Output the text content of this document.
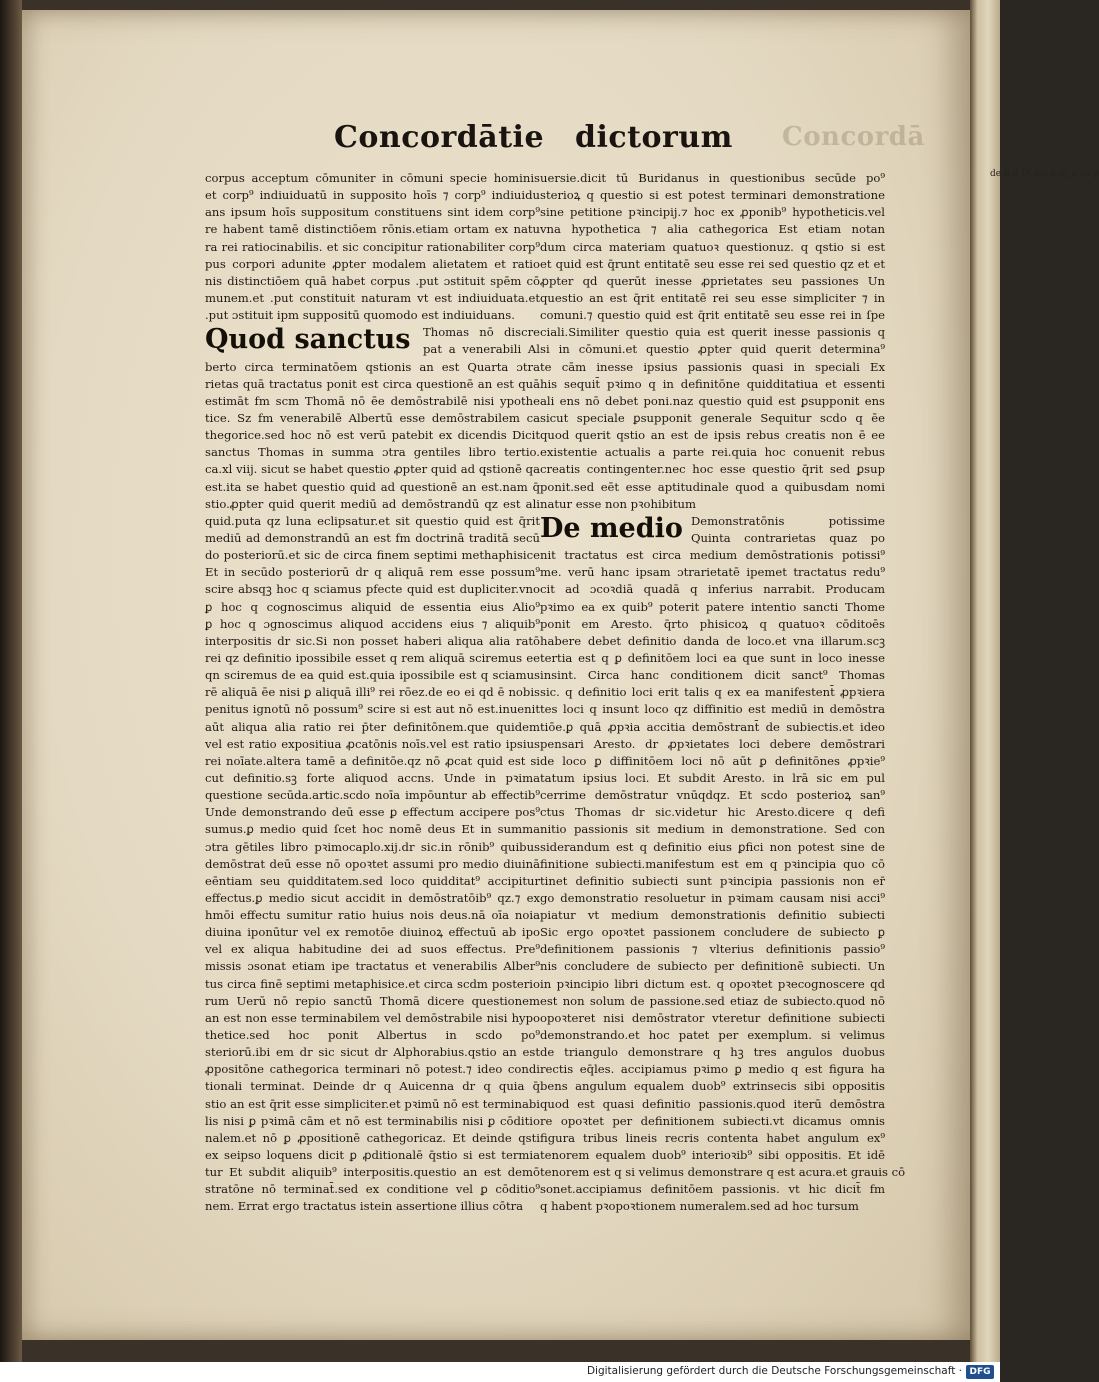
Concordātie dictorum Concordā
corpus acceptum cōmuniter in cōmuni specie hominis
et corp⁹ indiuiduatū in supposito hoīs ⁊ corp⁹ indiuidu
ans ipsum hoīs suppositum constituens sint idem corp⁹
re habent tamē distinctiōem rōnis.etiam ortam ex natu
ra rei ratiocinabilis. et sic concipitur rationabiliter corp⁹
pus corpori adunite ꝓpter modalem alietatem et ratio
nis distinctiōem quā habet corpus .put ɔstituit spēm cō
munem.et .put constituit naturam vt est indiuiduata.et
.put ɔstituit ipm suppositū quomodo est indiuiduans.
Quod sanctus Thomas nō discre
pat a venerabili Al
berto circa terminatōem qstionis an est Quarta ɔtra
rietas quā tractatus ponit est circa questionē an est quā
estimāt fm scm Thomā nō ēe demōstrabilē nisi ypothe
tice. Sz fm venerabilē Albertū esse demōstrabilem ca
thegorice.sed hoc nō est verū patebit ex dicendis Dicit
sanctus Thomas in summa ɔtra gentiles libro tertio.
ca.xl viij. sicut se habet questio ꝓpter quid ad qstionē qa
est.ita se habet questio quid ad questionē an est.nam q̄
stio.ꝓpter quid querit mediū ad demōstrandū qz est ali
quid.puta qz luna eclipsatur.et sit questio quid est q̄rit
mediū ad demonstrandū an est fm doctrinā traditā secū
do posteriorū.et sic de circa finem septimi methaphisice
Et in secūdo posteriorū dr q aliquā rem esse possum⁹
scire absqꝫ hoc q sciamus pfecte quid est dupliciter.vno
ꝑ hoc q cognoscimus aliquid de essentia eius Alio⁹
ꝑ hoc q ɔgnoscimus aliquod accidens eius ⁊ aliquib⁹
interpositis dr sic.Si non posset haberi aliqua alia ratō
rei qz definitio ipossibile esset q rem aliquā sciremus ee
qn sciremus de ea quid est.quia ipossibile est q sciamus
rē aliquā ēe nisi ꝑ aliquā illi⁹ rei rōez.de eo ei qd ē nobis
penitus ignotū nō possum⁹ scire si est aut nō est.inuenit
aūt aliqua alia ratio rei p̄ter definitōnem.que quidem
vel est ratio expositiua ꝓcatōnis noīs.vel est ratio ipsius
rei noīate.altera tamē a definitōe.qz nō ꝓcat quid est si
cut definitio.sꝫ forte aliquod accns. Unde in pꝛima
questione secūda.artic.scdo noīa impōuntur ab effectib⁹
Unde demonstrando deū esse ꝑ effectum accipere pos⁹
sumus.ꝑ medio quid ſcet hoc nomē deus Et in summa
ɔtra gētiles libro pꝛimocaplo.xij.dr sic.in rōnib⁹ quibus
demōstrat deū esse nō opoꝛtet assumi pro medio diuinā
eēntiam seu quidditatem.sed loco quidditat⁹ accipitur
effectus.ꝑ medio sicut accidit in demōstratōib⁹ qz.⁊ ex
hmōi effectu sumitur ratio huius nois deus.nā oīa noia
diuina iponūtur vel ex remotōe diuinoꝝ effectuū ab ipo
vel ex aliqua habitudine dei ad suos effectus. Pre⁹
missis ɔsonat etiam ipe tractatus et venerabilis Alber⁹
tus circa finē septimi metaphisice.et circa scdm posterio
rum Uerū nō repio sanctū Thomā dicere questionem
an est non esse terminabilem vel demōstrabile nisi hypo
thetice.sed hoc ponit Albertus in scdo po⁹
steriorū.ibi em dr sic sicut dr Alphorabius.qstio an est
ꝓpositōne cathegorica terminari nō potest.⁊ ideo condi
tionali terminat. Deinde dr q Auicenna dr q quia q̄
stio an est q̄rit esse simpliciter.et pꝛimū nō est terminabi
lis nisi ꝑ pꝛimā cām et nō est terminabilis nisi ꝑ cōditio
nalem.et nō ꝑ ꝓpositionē cathegoricaz. Et deinde qsti
ex seipso loquens dicit ꝑ ꝓditionalē q̄stio si est termia
tur Et subdit aliquib⁹ interpositis.questio an est demō
stratōne nō terminat̄.sed ex conditione vel ꝑ cōditio⁹
nem. Errat ergo tractatus istein assertione illius cōtra
uersie.dicit tū Buridanus in questionibus secūde po⁹
sterioꝝ q questio si est potest terminari demonstratione
sine petitione pꝛincipij.⁊ hoc ex ꝓponib⁹ hypotheticis.vel
vna hypothetica ⁊ alia cathegorica Est etiam notan
dum circa materiam quatuoꝛ questionuz. q qstio si est
et quid est q̄runt entitatē seu esse rei sed questio qz et et
ꝓpter qd querūt inesse ꝓprietates seu passiones Un
questio an est q̄rit entitatē rei seu esse simpliciter ⁊ in
comuni.⁊ questio quid est q̄rit entitatē seu esse rei in ſpe
ciali.Similiter questio quia est querit inesse passionis q
si in cōmuni.et questio ꝓpter quid querit determina⁹
te cām inesse ipsius passionis quasi in speciali Ex
his sequit̄ pꝛimo q in definitōne quidditatiua et essenti
ali ens nō debet poni.naz questio quid est ꝑsupponit ens
sicut speciale ꝑsupponit generale Sequitur scdo q ēe
quod querit qstio an est de ipsis rebus creatis non ē ee
existentie actualis a parte rei.quia hoc conuenit rebus
creatis contingenter.nec hoc esse questio q̄rit sed ꝑsup
ponit.sed eēt esse aptitudinale quod a quibusdam nomi
natur esse non pꝛohibitum
De medio Demonstratōnis potissime
Quinta contrarietas quaz po
nit tractatus est circa medium demōstrationis potissi⁹
me. verū hanc ipsam ɔtrarietatē ipemet tractatus redu⁹
cit ad ɔcoꝛdiā quadā q inferius narrabit. Producam
pꝛimo ea ex quib⁹ poterit patere intentio sancti Thome
ponit em Aresto. q̄rto phisicoꝝ q quatuoꝛ cōditoēs
habere debet definitio danda de loco.et vna illarum.scꝫ
tertia est q ꝑ definitōem loci ea que sunt in loco inesse
insint. Circa hanc conditionem dicit sanct⁹ Thomas
sic. q definitio loci erit talis q ex ea manifestent̄ ꝓpꝛiera
tes loci q insunt loco qz diffinitio est mediū in demōstra
tiōe.ꝑ quā ꝓpꝛia accitia demōstrant̄ de subiectis.et ideo
pensari Aresto. dr ꝓpꝛietates loci debere demōstrari
de loco ꝑ diffinitōem loci nō aūt ꝑ definitōnes ꝓpꝛie⁹
tatum ipsius loci. Et subdit Aresto. in lrā sic em pul
cerrime demōstratur vnūqdqz. Et scdo posterioꝝ san⁹
ctus Thomas dr sic.videtur hic Aresto.dicere q defi
nitio passionis sit medium in demonstratione. Sed con
siderandum est q definitio eius ꝑfici non potest sine de
finitione subiecti.manifestum est em q pꝛincipia quo cō
tinet definitio subiecti sunt pꝛincipia passionis non er̄
go demonstratio resoluetur in pꝛimam causam nisi acci⁹
piatur vt medium demonstrationis definitio subiecti
Sic ergo opoꝛtet passionem concludere de subiecto ꝑ
definitionem passionis ⁊ vlterius definitionis passio⁹
nis concludere de subiecto per definitionē subiecti. Un
in pꝛincipio libri dictum est. q opoꝛtet pꝛecognoscere qd
est non solum de passione.sed etiaz de subiecto.quod nō
opoꝛteret nisi demōstrator vteretur definitione subiecti
demonstrando.et hoc patet per exemplum. si velimus
de triangulo demonstrare q hꝫ tres angulos duobus
rectis eq̄les. accipiamus pꝛimo ꝑ medio q est figura ha
bens angulum equalem duob⁹ extrinsecis sibi oppositis
quod est quasi definitio passionis.quod iterū demōstra
re opoꝛtet per definitionem subiecti.vt dicamus omnis
figura tribus lineis recris contenta habet angulum ex⁹
tenorem equalem duob⁹ interioꝛib⁹ sibi oppositis. Et idē
tenorem est q si velimus demonstrare q est acura.et grauis cō
sonet.accipiamus definitōem passionis. vt hic dicit̄ fm
q habent pꝛopoꝛtionem numeralem.sed ad hoc tursum
de ꝑ q̄ Di uic q̄ sꝫ ꝑ ce ꝑ
Digitalisierung gefördert durch die Deutsche Forschungsgemeinschaft · DFG
